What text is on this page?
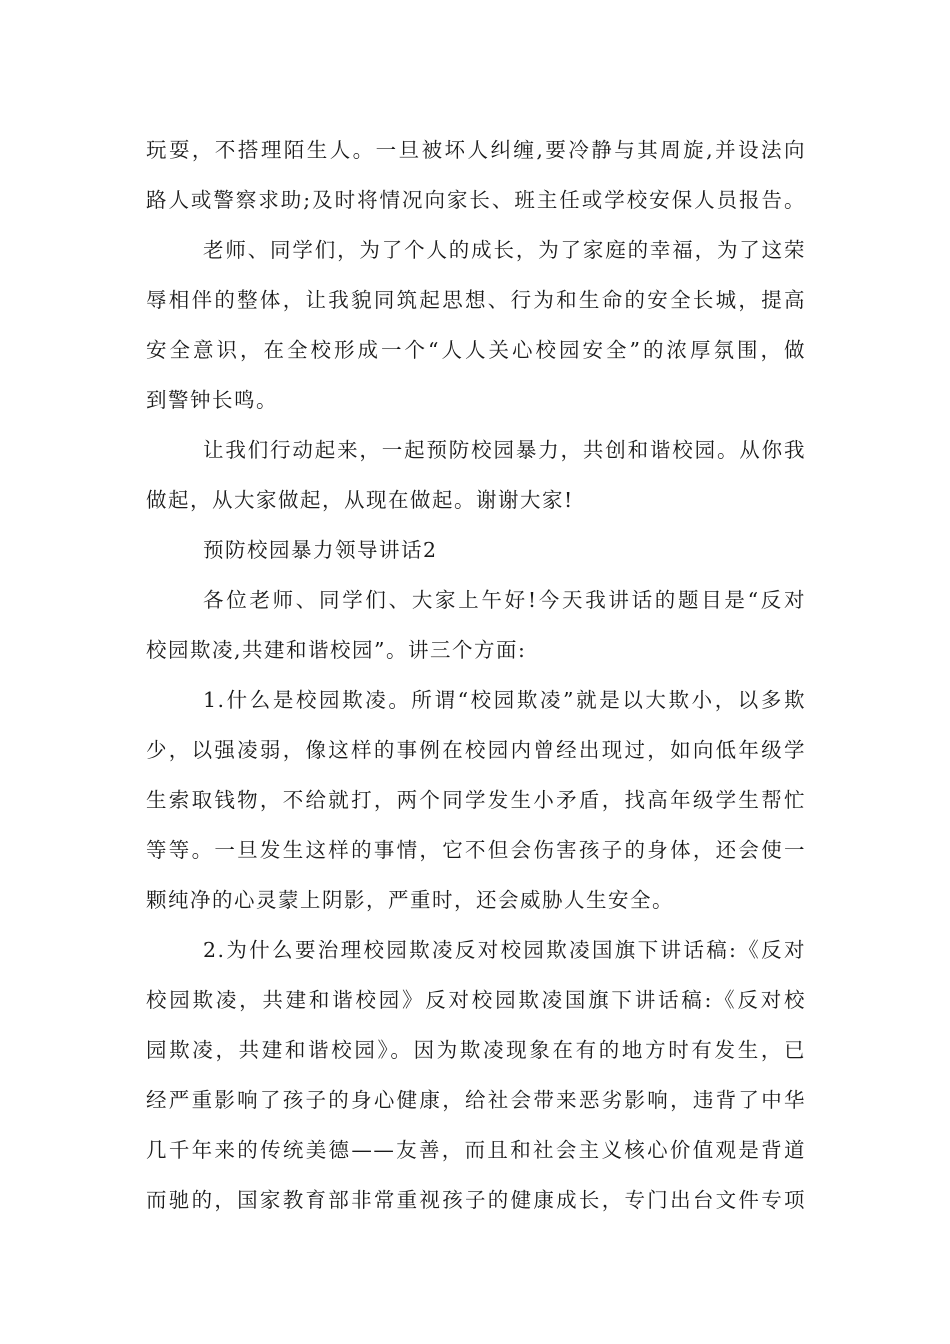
玩耍，不搭理陌生人。一旦被坏人纠缠,要冷静与其周旋,并设法向
路人或警察求助;及时将情况向家长、班主任或学校安保人员报告。
老师、同学们，为了个人的成长，为了家庭的幸福，为了这荣
辱相伴的整体，让我貌同筑起思想、行为和生命的安全长城，提高
安全意识，在全校形成一个“人人关心校园安全”的浓厚氛围，做
到警钟长鸣。
让我们行动起来，一起预防校园暴力，共创和谐校园。从你我
做起，从大家做起，从现在做起。谢谢大家!
预防校园暴力领导讲话2
各位老师、同学们、大家上午好!今天我讲话的题目是“反对
校园欺凌,共建和谐校园”。讲三个方面:
1.什么是校园欺凌。所谓“校园欺凌”就是以大欺小，以多欺
少，以强凌弱，像这样的事例在校园内曾经出现过，如向低年级学
生索取钱物，不给就打，两个同学发生小矛盾，找高年级学生帮忙
等等。一旦发生这样的事情，它不但会伤害孩子的身体，还会使一
颗纯净的心灵蒙上阴影，严重时，还会威胁人生安全。
2.为什么要治理校园欺凌反对校园欺凌国旗下讲话稿:《反对
校园欺凌，共建和谐校园》反对校园欺凌国旗下讲话稿:《反对校
园欺凌，共建和谐校园》。因为欺凌现象在有的地方时有发生，已
经严重影响了孩子的身心健康，给社会带来恶劣影响，违背了中华
几千年来的传统美德——友善，而且和社会主义核心价值观是背道
而驰的，国家教育部非常重视孩子的健康成长，专门出台文件专项
